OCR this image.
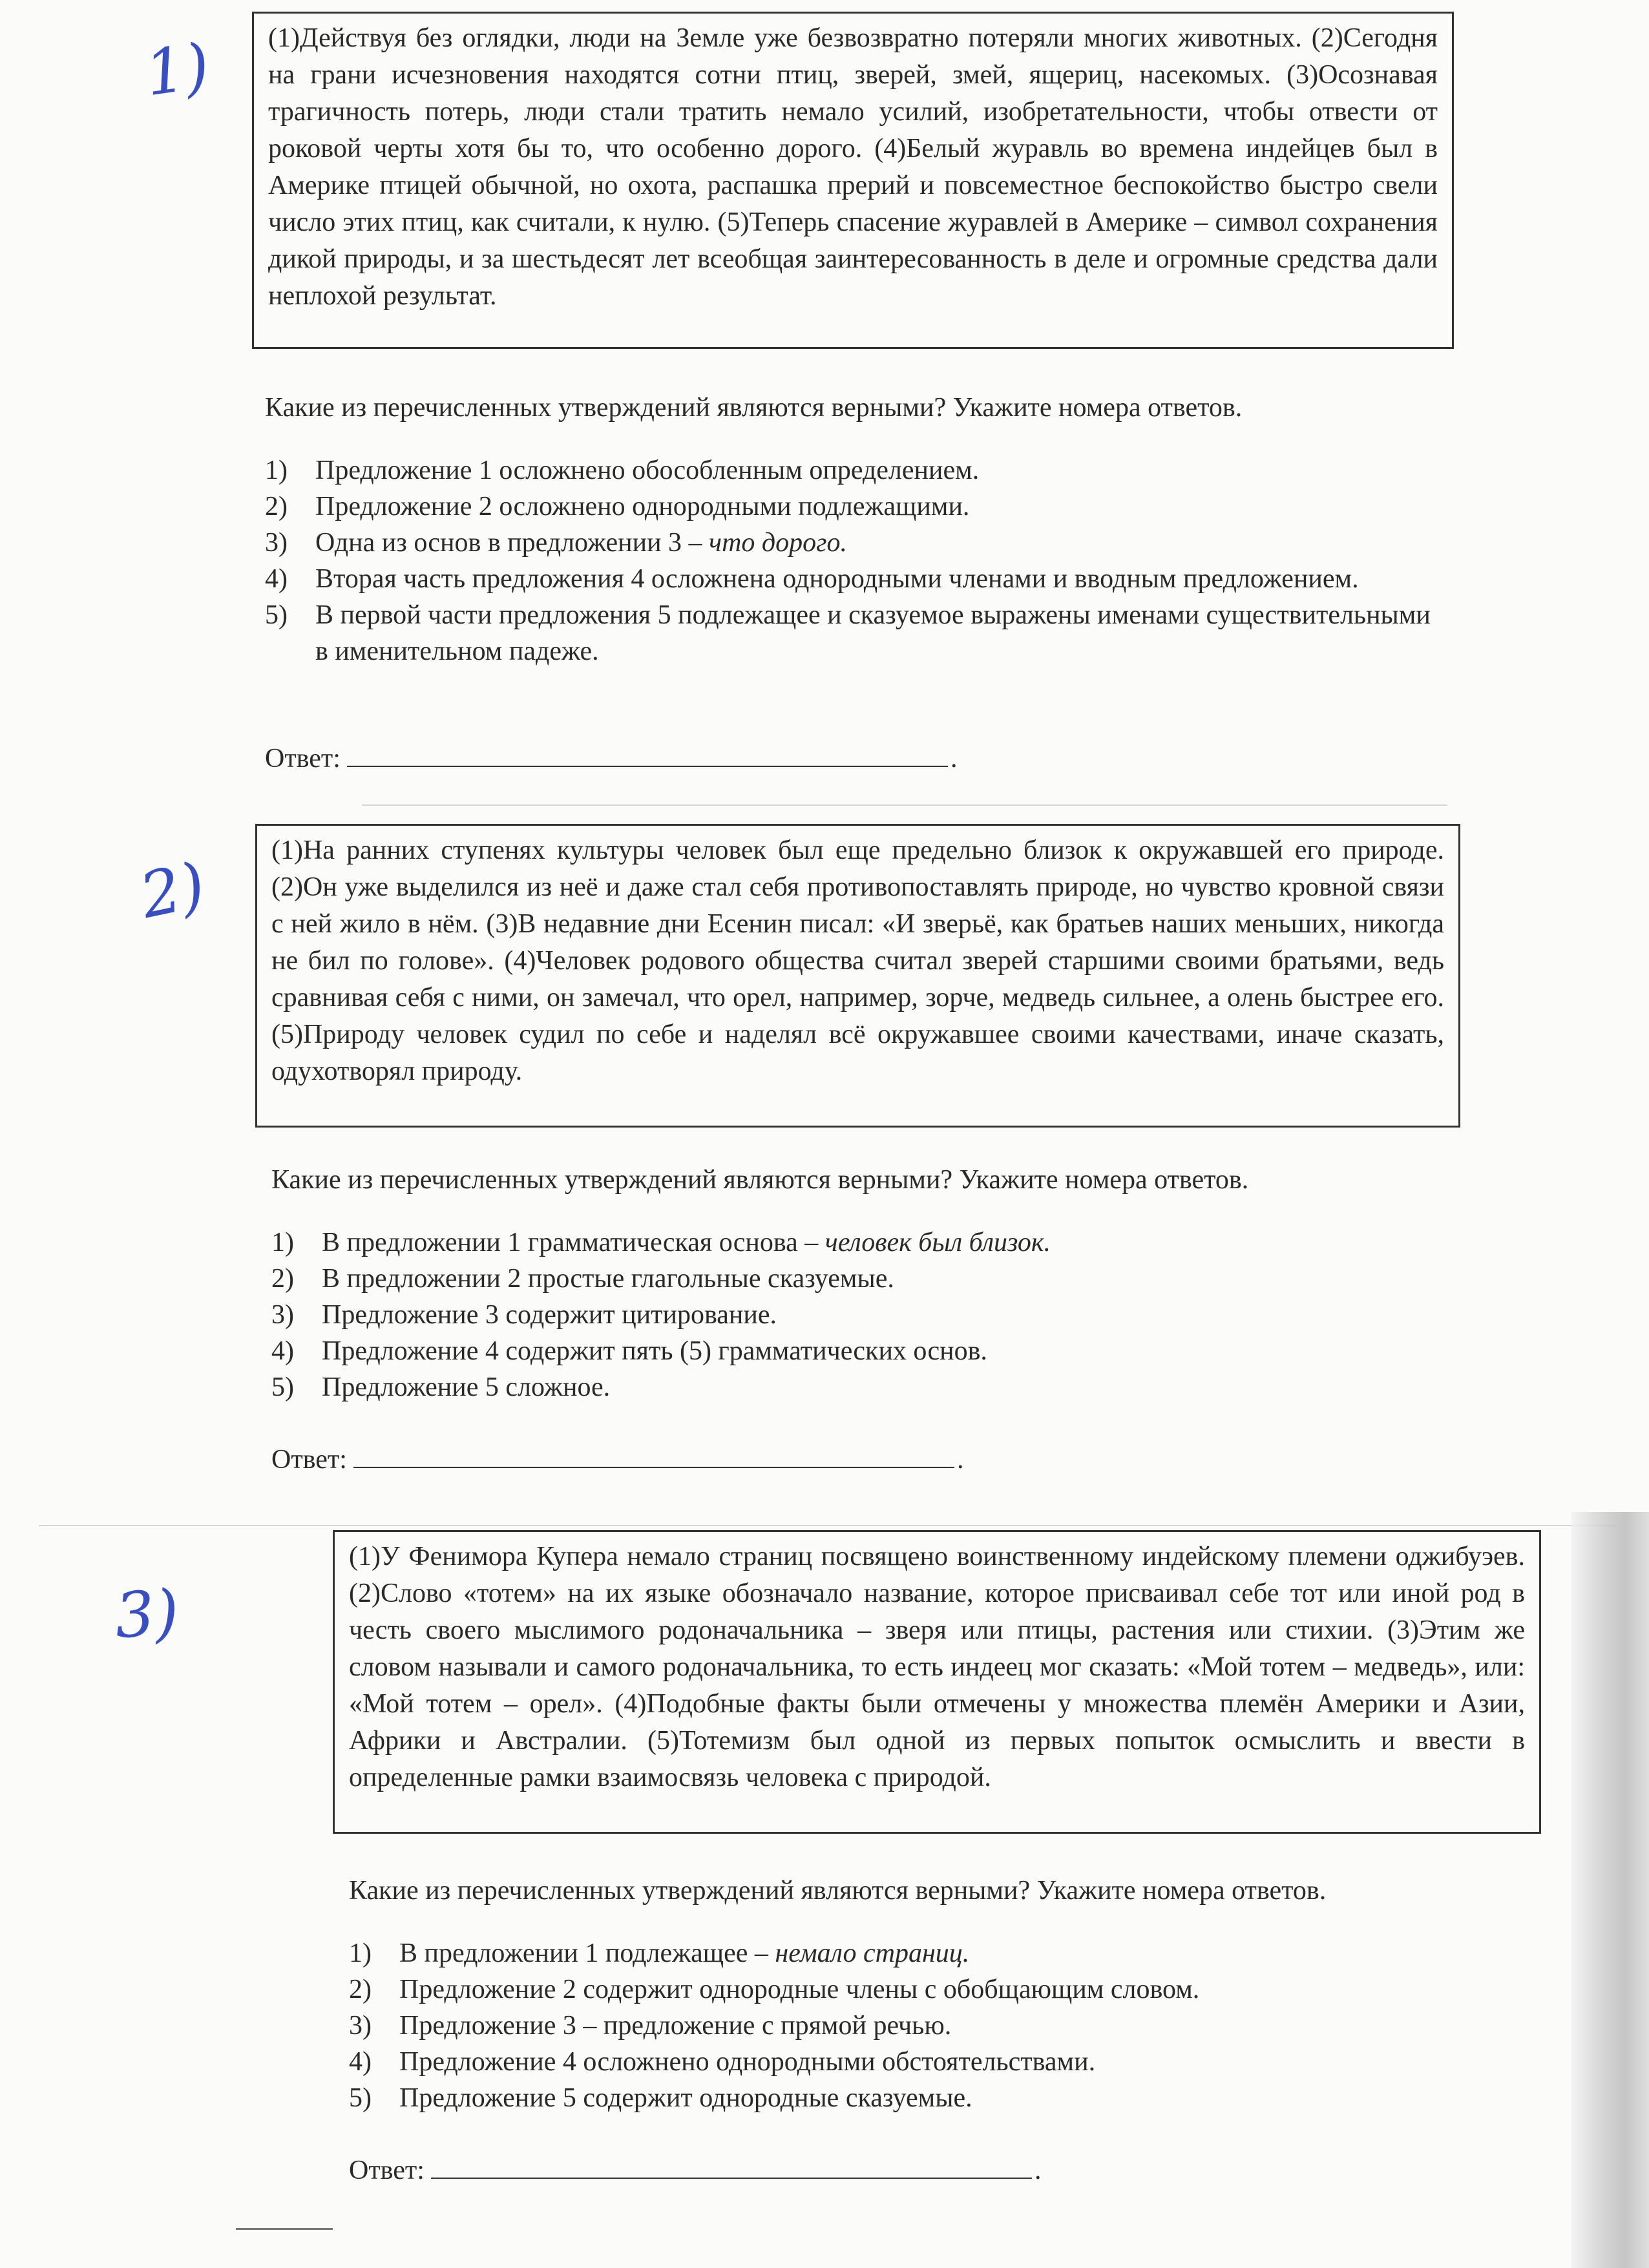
1) (1)Действуя без оглядки, люди на Земле уже безвозвратно потеряли многих животных. (2)Сегодня на грани исчезновения находятся сотни птиц, зверей, змей, ящериц, насекомых. (3)Осознавая трагичность потерь, люди стали тратить немало усилий, изобретательности, чтобы отвести от роковой черты хотя бы то, что особенно дорого. (4)Белый журавль во времена индейцев был в Америке птицей обычной, но охота, распашка прерий и повсеместное беспокойство быстро свели число этих птиц, как считали, к нулю. (5)Теперь спасение журавлей в Америке – символ сохранения дикой природы, и за шестьдесят лет всеобщая заинтересованность в деле и огромные средства дали неплохой результат.

Какие из перечисленных утверждений являются верными? Укажите номера ответов.
1) Предложение 1 осложнено обособленным определением.
2) Предложение 2 осложнено однородными подлежащими.
3) Одна из основ в предложении 3 – что дорого.
4) Вторая часть предложения 4 осложнена однородными членами и вводным предложением.
5) В первой части предложения 5 подлежащее и сказуемое выражены именами существительными в именительном падеже.
Ответ:	.
2) (1)На ранних ступенях культуры человек был еще предельно близок к окружавшей его природе. (2)Он уже выделился из неё и даже стал себя противопоставлять природе, но чувство кровной связи с ней жило в нём. (3)В недавние дни Есенин писал: «И зверьё, как братьев наших меньших, никогда не бил по голове». (4)Человек родового общества считал зверей старшими своими братьями, ведь сравнивая себя с ними, он замечал, что орел, например, зорче, медведь сильнее, а олень быстрее его. (5)Природу человек судил по себе и наделял всё окружавшее своими качествами, иначе сказать, одухотворял природу.

Какие из перечисленных утверждений являются верными? Укажите номера ответов.
1) В предложении 1 грамматическая основа – человек был близок.
2) В предложении 2 простые глагольные сказуемые.
3) Предложение 3 содержит цитирование.
4) Предложение 4 содержит пять (5) грамматических основ.
5) Предложение 5 сложное.
Ответ:	.
3)

(1)У Фенимора Купера немало страниц посвящено воинственному индейскому племени оджибуэев. (2)Слово «тотем» на их языке обозначало название, которое присваивал себе тот или иной род в честь своего мыслимого родоначальника – зверя или птицы, растения или стихии. (3)Этим же словом называли и самого родоначальника, то есть индеец мог сказать: «Мой тотем – медведь», или: «Мой тотем – орел». (4)Подобные факты были отмечены у множества племён Америки и Азии, Африки и Австралии. (5)Тотемизм был одной из первых попыток осмыслить и ввести в определенные рамки взаимосвязь человека с природой.

Какие из перечисленных утверждений являются верными? Укажите номера ответов.
1) В предложении 1 подлежащее – немало страниц.
2) Предложение 2 содержит однородные члены с обобщающим словом.
3) Предложение 3 – предложение с прямой речью.
4) Предложение 4 осложнено однородными обстоятельствами.
5) Предложение 5 содержит однородные сказуемые.
Ответ:	.
